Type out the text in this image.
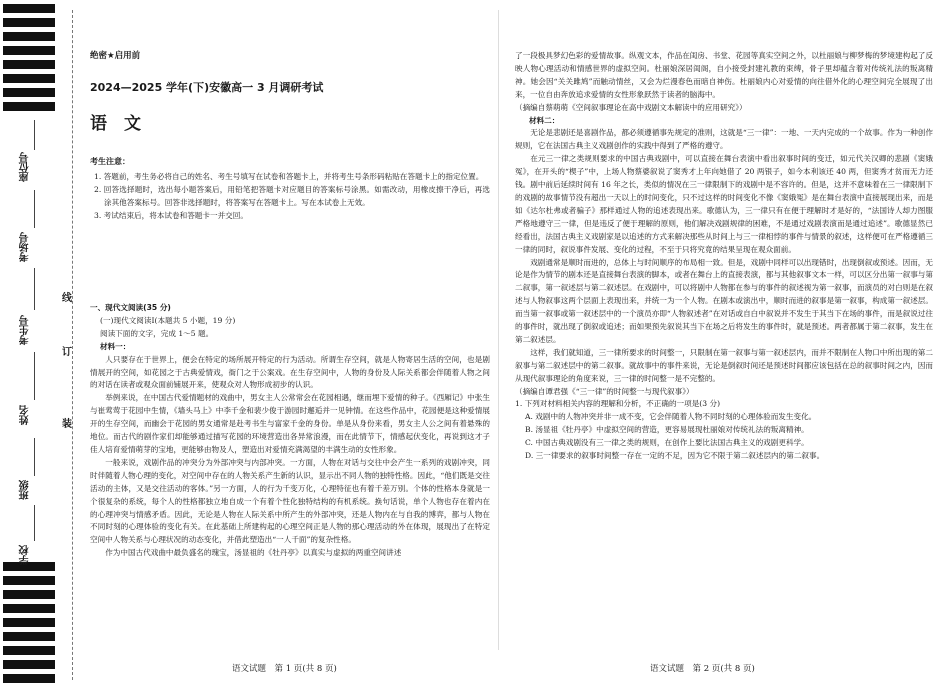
座位号
考场号
考生号
姓名
班级
学校
线
订
装

绝密★启用前

2024—2025 学年(下)安徽高一 3 月调研考试

语　文

考生注意：

1. 答题前，考生务必将自己的姓名、考生号填写在试卷和答题卡上，并将考生号条形码粘贴在答题卡上的指定位置。

2. 回答选择题时，选出每小题答案后，用铅笔把答题卡对应题目的答案标号涂黑。如需改动，用橡皮擦干净后，再选涂其他答案标号。回答非选择题时，将答案写在答题卡上。写在本试卷上无效。

3. 考试结束后，将本试卷和答题卡一并交回。

一、现代文阅读(35 分)

(一)现代文阅读Ⅰ(本题共 5 小题，19 分)

阅读下面的文字，完成 1～5 题。

材料一：

人只要存在于世界上，便会在特定的场所展开特定的行为活动。所谓生存空间，就是人物寄居生活的空间，也是剧情展开的空间，如花园之于古典爱情戏，衙门之于公案戏。在生存空间中，人物的身份及人际关系都会伴随着人物之间的对话在读者或观众面前铺展开来，使观众对人物形成初步的认识。

举例来说，在中国古代爱情题材的戏曲中，男女主人公常常会在花园相遇，继而埋下爱情的种子。《西厢记》中张生与崔莺莺于花园中生情，《墙头马上》中李千金和裴少俊于游园时邂逅并一见钟情。在这些作品中，花园便是这种爱情展开的生存空间，而幽会于花园的男女通常是赴考书生与富家千金的身份。单是从身份来看，男女主人公之间有着悬殊的地位。而古代的剧作家们却能够通过描写花园的环境营造出各异常浪漫，而在此情节下，情感起伏变化，再说到这才子佳人培育爱情萌芽的宝地，更能够由物及人，塑造出对爱情充满渴望的丰满生动的女性形象。

一般来说，戏剧作品的冲突分为外部冲突与内部冲突。一方面，人物在对话与交往中会产生一系列的戏剧冲突，同时伴随着人物心理的变化，对空间中存在的人物关系产生新的认识，显示出不同人物的独特性格。因此，“他们既是交往活动的主体，又是交往活动的客体。”另一方面，人的行为千变万化，心理特征也有着千差万别。个体的性格本身就是一个很复杂的系统，每个人的性格都独立地自成一个有着个性化独特结构的有机系统。换句话说，单个人物也存在着内在的心理冲突与情感矛盾。因此，无论是人物在人际关系中所产生的外部冲突，还是人物内在与自我的博弈，都与人物在不同时刻的心理体验的变化有关。在此基础上所建构起的心理空间正是人物的那心理活动的外在体现，展现出了在特定空间中人物关系与心理状况的动态变化，并借此塑造出“一人千面”的复杂性格。

作为中国古代戏曲中最负盛名的瑰宝，汤显祖的《牡丹亭》以真实与虚拟的两重空间讲述

语文试题　第 1 页(共 8 页)

了一段极具梦幻色彩的爱情故事。纵观文本，作品在闺房、书堂、花园等真实空间之外，以杜丽娘与柳梦梅的梦境建构起了反映人物心理活动和情感世界的虚拟空间。杜丽娘深居闺阁，自小接受封建礼教的束缚，骨子里却蕴含着对传统礼法的叛离精神。她会因“关关雎鸠”而触动情丝，又会为烂漫春色而暗自神伤。杜丽娘内心对爱情的向往借外化的心理空间完全展现了出来，一位自由奔放追求爱情的女性形象跃然于读者的脑海中。

（摘编自蔡萌萌《空间叙事理论在高中戏剧文本解读中的应用研究》）

材料二：

无论是悲剧还是喜剧作品，都必须遵循事先规定的准则，这就是“三一律”：一地、一天内完成的一个故事。作为一种创作规则，它在法国古典主义戏剧创作的实践中得到了严格的遵守。

在元三一律之类规则要求的中国古典戏剧中，可以直接在舞台表演中看出叙事时间的变迁，如元代关汉卿的悲剧《窦娥冤》，在开头的“楔子”中，上场人物蔡婆叙说了窦秀才上年向她借了 20 两银子，如今本利该还 40 两，但窦秀才贫而无力还钱。剧中前后延续时间有 16 年之长，类似的情况在三一律限制下的戏剧中是不容许的。但是，这并不意味着在三一律限制下的戏剧的故事情节没有超出一天以上的时间变化，只不过这样的时间变化不像《窦娥冤》是在舞台表演中直接展现出来，而是如《达尔杜弗或者骗子》那样通过人物的追述表现出来。歌德认为，三一律只有在便于理解时才是好的，“法国诗人却力图服严格地遵守三一律，但是违反了便于理解的原则，他们解决戏剧规律的困难，不是通过戏剧表演而是通过追述”。歌德显然已经看出，法国古典主义戏剧家是以追述的方式来解决那些从时间上与三一律相悖的事件与情景的叙述，这样便可在严格遵循三一律的同时，叙说事件发展、变化的过程，不至于只将究竟的结果呈现在观众面前。

戏剧通常是顺时而进的，总体上与时间顺序的布局相一致。但是，戏剧中同样可以出现错时，出现倒叙或预述。因而，无论是作为情节的剧本还是直接舞台表演的脚本，或者在舞台上的直接表演，都与其他叙事文本一样，可以区分出第一叙事与第二叙事，第一叙述层与第二叙述层。在戏剧中，可以将剧中人物都在参与的事件的叙述视为第一叙事，而演员的对白则是在叙述与人物叙事这两个层面上表现出来，并统一为一个人物。在剧本或演出中，顺时而进的叙事是第一叙事，构成第一叙述层。而当第一叙事或第一叙述层中的一个演员亦即“人物叙述者”在对话或自白中叙说并不发生于其当下在场的事件，而是叙说过往的事件时，就出现了倒叙或追述；而如果预先叙说其当下在场之后将发生的事件时，就是预述。两者都属于第二叙事，发生在第二叙述层。

这样，我们就知道，三一律所要求的时间整一，只限制在第一叙事与第一叙述层内，而并不限制在人物口中所出现的第二叙事与第二叙述层中的第二叙事。就故事中的事件来说，无论是倒叙时间还是预述时间都应该包括在总的叙事时间之内，因而从现代叙事理论的角度来说，三一律的时间整一是不完整的。

（摘编自谭君强《“三一律”的时间整一与现代叙事》）

1. 下列对材料相关内容的理解和分析，不正确的一项是(3 分)

A. 戏剧中的人物冲突并非一成不变，它会伴随着人物不同时刻的心理体验而发生变化。

B. 汤显祖《牡丹亭》中虚拟空间的营造，更容易展现杜丽娘对传统礼法的叛离精神。

C. 中国古典戏剧没有三一律之类的规则，在创作上要比法国古典主义的戏剧更科学。

D. 三一律要求的叙事时间整一存在一定的不足，因为它不限于第二叙述层内的第二叙事。

语文试题　第 2 页(共 8 页)
